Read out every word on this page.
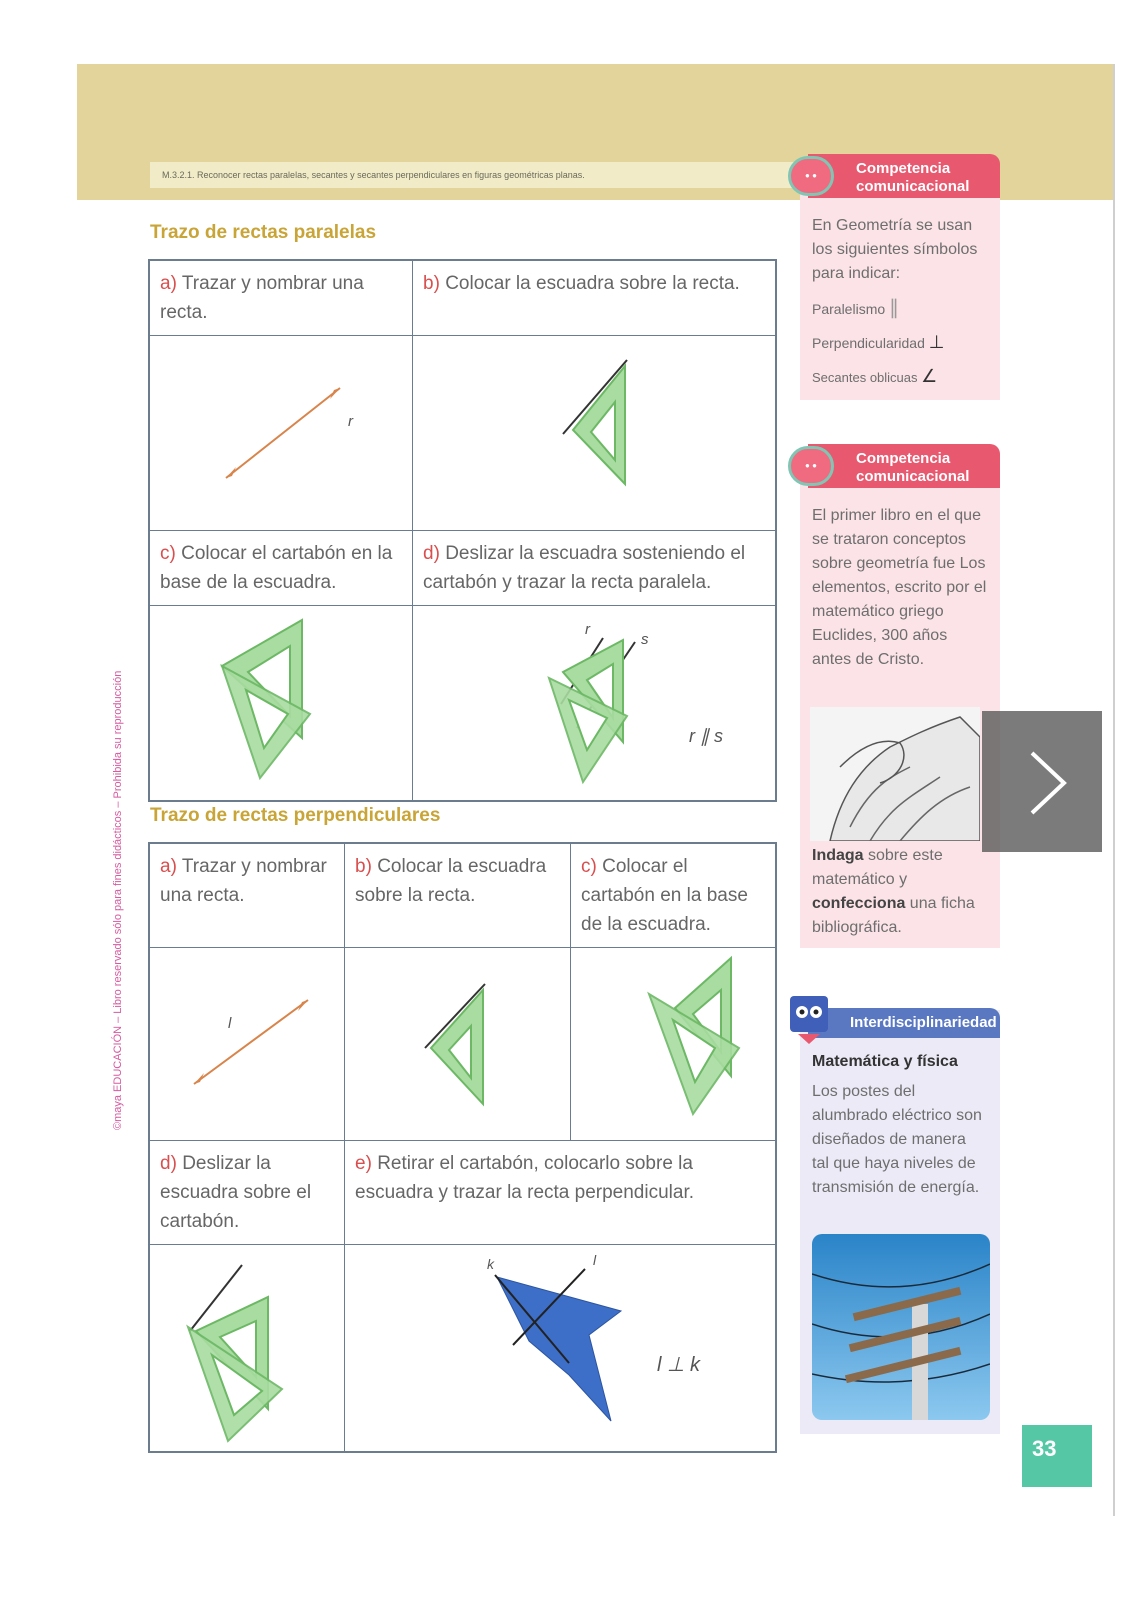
M.3.2.1. Reconocer rectas paralelas, secantes y secantes perpendiculares en figuras geométricas planas.
©maya EDUCACIÓN – Libro reservado sólo para fines didácticos – Prohibida su reproducción
Trazo de rectas paralelas
a) Trazar y nombrar una recta.	b) Colocar la escuadra sobre la recta.

r

c) Colocar el cartabón en la base de la escuadra.	d) Deslizar la escuadra sosteniendo el cartabón y trazar la recta paralela.

r
s
r ∥ s
Trazo de rectas perpendiculares
a) Trazar y nombrar una recta.	b) Colocar la escuadra sobre la recta.	c) Colocar el cartabón en la base de la escuadra.

l

d) Deslizar la escuadra sobre el cartabón.	e) Retirar el cartabón, colocarlo sobre la escuadra y trazar la recta perpendicular.	

k l
l ⊥ k	
Competencia comunicacional
● ●
En Geometría se usan los siguientes símbolos para indicar:
Paralelismo ∥
Perpendicularidad ⊥
Secantes oblicuas ∠
Competencia comunicacional
● ●
El primer libro en el que se trataron conceptos sobre geometría fue Los elementos, escrito por el matemático griego Euclides, 300 años antes de Cristo.
Indaga sobre este matemático y confecciona una ficha bibliográfica.
Interdisciplinariedad
Matemática y física
Los postes del alumbrado eléctrico son diseñados de manera tal que haya niveles de transmisión de energía.
33
